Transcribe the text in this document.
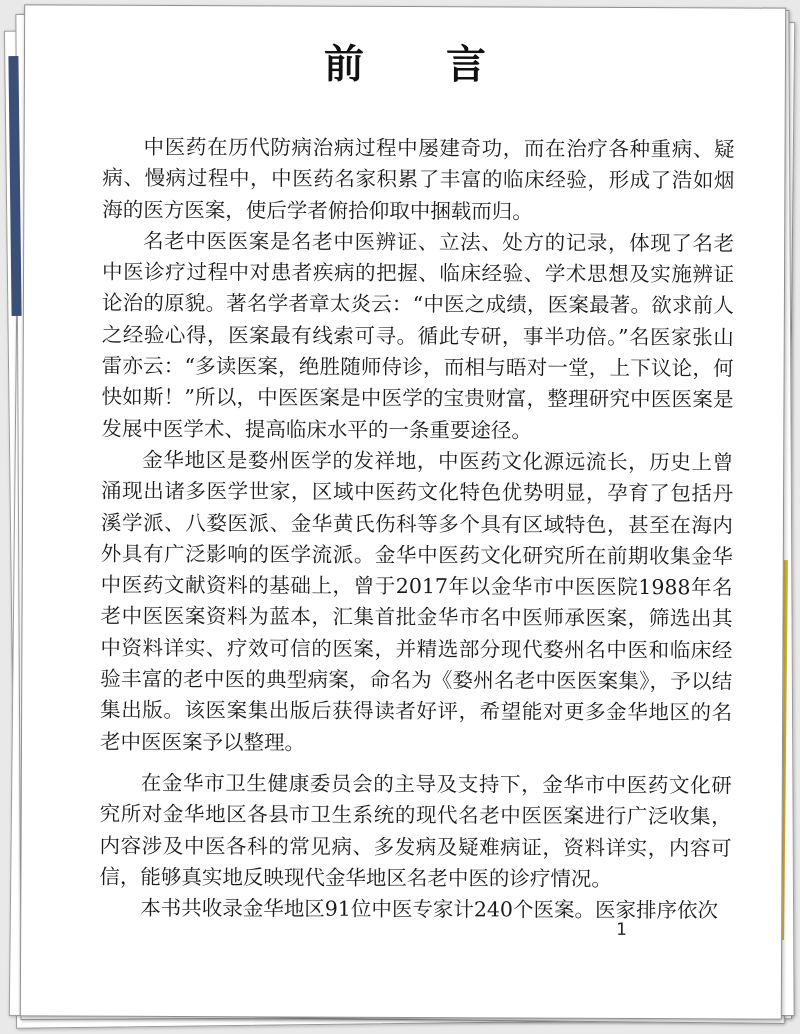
前 言

中医药在历代防病治病过程中屡建奇功，而在治疗各种重病、疑病、慢病过程中，中医药名家积累了丰富的临床经验，形成了浩如烟海的医方医案，使后学者俯拾仰取中捆载而归。

名老中医医案是名老中医辨证、立法、处方的记录，体现了名老中医诊疗过程中对患者疾病的把握、临床经验、学术思想及实施辨证论治的原貌。著名学者章太炎云：“中医之成绩，医案最著。欲求前人之经验心得，医案最有线索可寻。循此专研，事半功倍。”名医家张山雷亦云：“多读医案，绝胜随师侍诊，而相与晤对一堂，上下议论，何快如斯！”所以，中医医案是中医学的宝贵财富，整理研究中医医案是发展中医学术、提高临床水平的一条重要途径。

金华地区是婺州医学的发祥地，中医药文化源远流长，历史上曾涌现出诸多医学世家，区域中医药文化特色优势明显，孕育了包括丹溪学派、八婺医派、金华黄氏伤科等多个具有区域特色，甚至在海内外具有广泛影响的医学流派。金华中医药文化研究所在前期收集金华中医药文献资料的基础上，曾于2017年以金华市中医医院1988年名老中医医案资料为蓝本，汇集首批金华市名中医师承医案，筛选出其中资料详实、疗效可信的医案，并精选部分现代婺州名中医和临床经验丰富的老中医的典型病案，命名为《婺州名老中医医案集》，予以结集出版。该医案集出版后获得读者好评，希望能对更多金华地区的名老中医医案予以整理。

在金华市卫生健康委员会的主导及支持下，金华市中医药文化研究所对金华地区各县市卫生系统的现代名老中医医案进行广泛收集，内容涉及中医各科的常见病、多发病及疑难病证，资料详实，内容可信，能够真实地反映现代金华地区名老中医的诊疗情况。

本书共收录金华地区91位中医专家计240个医案。医家排序依次

1
